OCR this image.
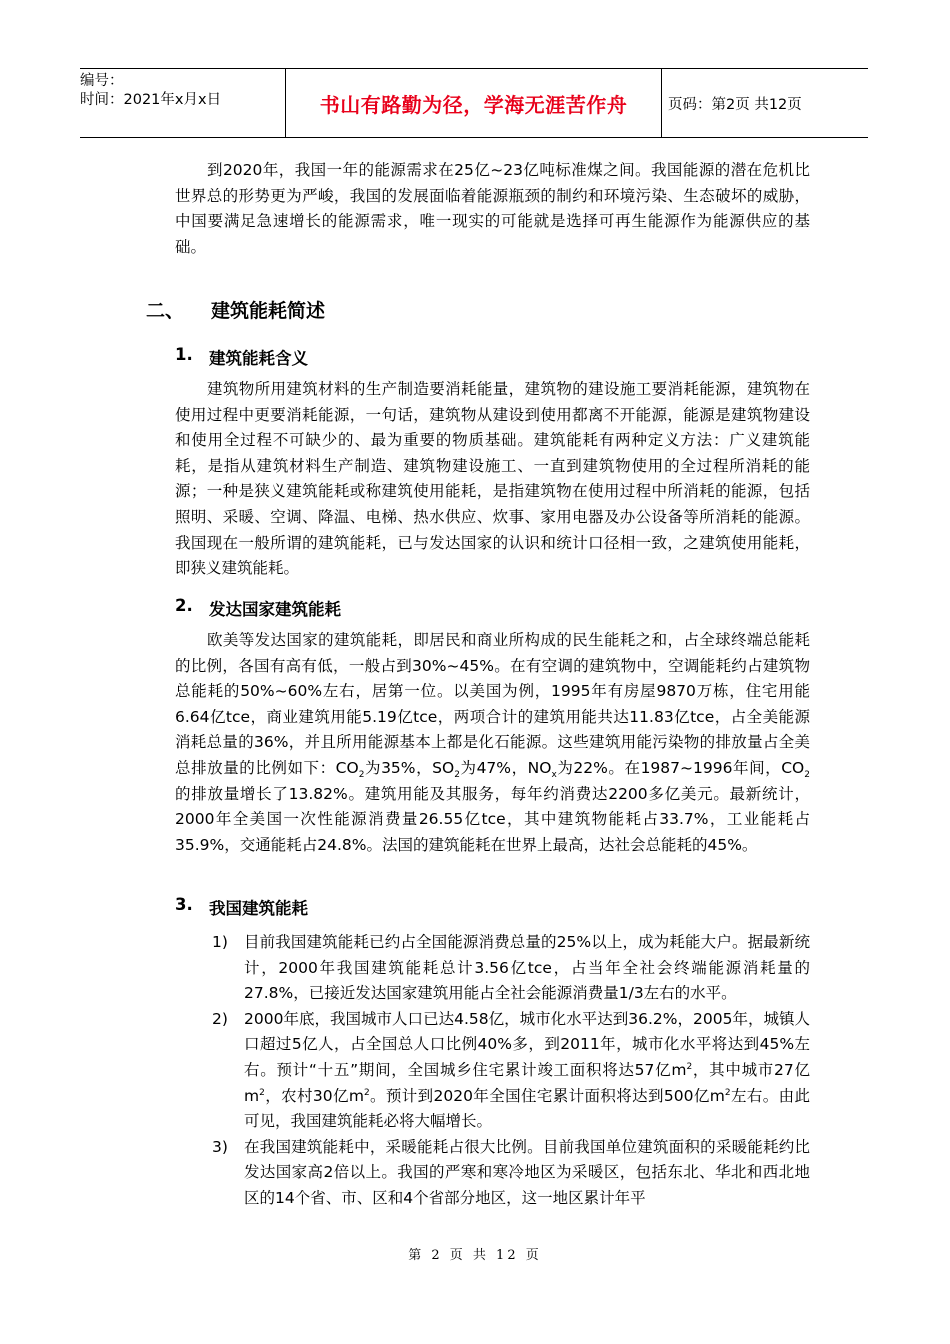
编号：
时间：2021年x月x日	书山有路勤为径，学海无涯苦作舟	页码：第2页 共12页

到2020年，我国一年的能源需求在25亿~23亿吨标准煤之间。我国能源的潜在危机比世界总的形势更为严峻，我国的发展面临着能源瓶颈的制约和环境污染、生态破坏的威胁，中国要满足急速增长的能源需求，唯一现实的可能就是选择可再生能源作为能源供应的基础。

二、	建筑能耗简述
1. 建筑能耗含义

建筑物所用建筑材料的生产制造要消耗能量，建筑物的建设施工要消耗能源，建筑物在使用过程中更要消耗能源，一句话，建筑物从建设到使用都离不开能源，能源是建筑物建设和使用全过程不可缺少的、最为重要的物质基础。建筑能耗有两种定义方法：广义建筑能耗，是指从建筑材料生产制造、建筑物建设施工、一直到建筑物使用的全过程所消耗的能源；一种是狭义建筑能耗或称建筑使用能耗，是指建筑物在使用过程中所消耗的能源，包括照明、采暖、空调、降温、电梯、热水供应、炊事、家用电器及办公设备等所消耗的能源。我国现在一般所谓的建筑能耗，已与发达国家的认识和统计口径相一致，之建筑使用能耗，即狭义建筑能耗。

2. 发达国家建筑能耗

欧美等发达国家的建筑能耗，即居民和商业所构成的民生能耗之和，占全球终端总能耗的比例，各国有高有低，一般占到30%~45%。在有空调的建筑物中，空调能耗约占建筑物总能耗的50%~60%左右，居第一位。以美国为例，1995年有房屋9870万栋，住宅用能6.64亿tce，商业建筑用能5.19亿tce，两项合计的建筑用能共达11.83亿tce，占全美能源消耗总量的36%，并且所用能源基本上都是化石能源。这些建筑用能污染物的排放量占全美总排放量的比例如下：$CO_2$为35%，$SO_2$为47%，$NO_x$为22%。在1987~1996年间，$CO_2$的排放量增长了13.82%。建筑用能及其服务，每年约消费达2200多亿美元。最新统计，2000年全美国一次性能源消费量26.55亿tce，其中建筑物能耗占33.7%，工业能耗占35.9%，交通能耗占24.8%。法国的建筑能耗在世界上最高，达社会总能耗的45%。

3. 我国建筑能耗

1) 目前我国建筑能耗已约占全国能源消费总量的25%以上，成为耗能大户。据最新统计，2000年我国建筑能耗总计3.56亿tce，占当年全社会终端能源消耗量的27.8%，已接近发达国家建筑用能占全社会能源消费量1/3左右的水平。

2) 2000年底，我国城市人口已达4.58亿，城市化水平达到36.2%，2005年，城镇人口超过5亿人，占全国总人口比例40%多，到2011年，城市化水平将达到45%左右。预计“十五”期间，全国城乡住宅累计竣工面积将达57亿$m^2$，其中城市27亿$m^2$，农村30亿$m^2$。预计到2020年全国住宅累计面积将达到500亿$m^2$左右。由此可见，我国建筑能耗必将大幅增长。

3) 在我国建筑能耗中，采暖能耗占很大比例。目前我国单位建筑面积的采暖能耗约比发达国家高2倍以上。我国的严寒和寒冷地区为采暖区，包括东北、华北和西北地区的14个省、市、区和4个省部分地区，这一地区累计年平

第 2 页 共 12 页
